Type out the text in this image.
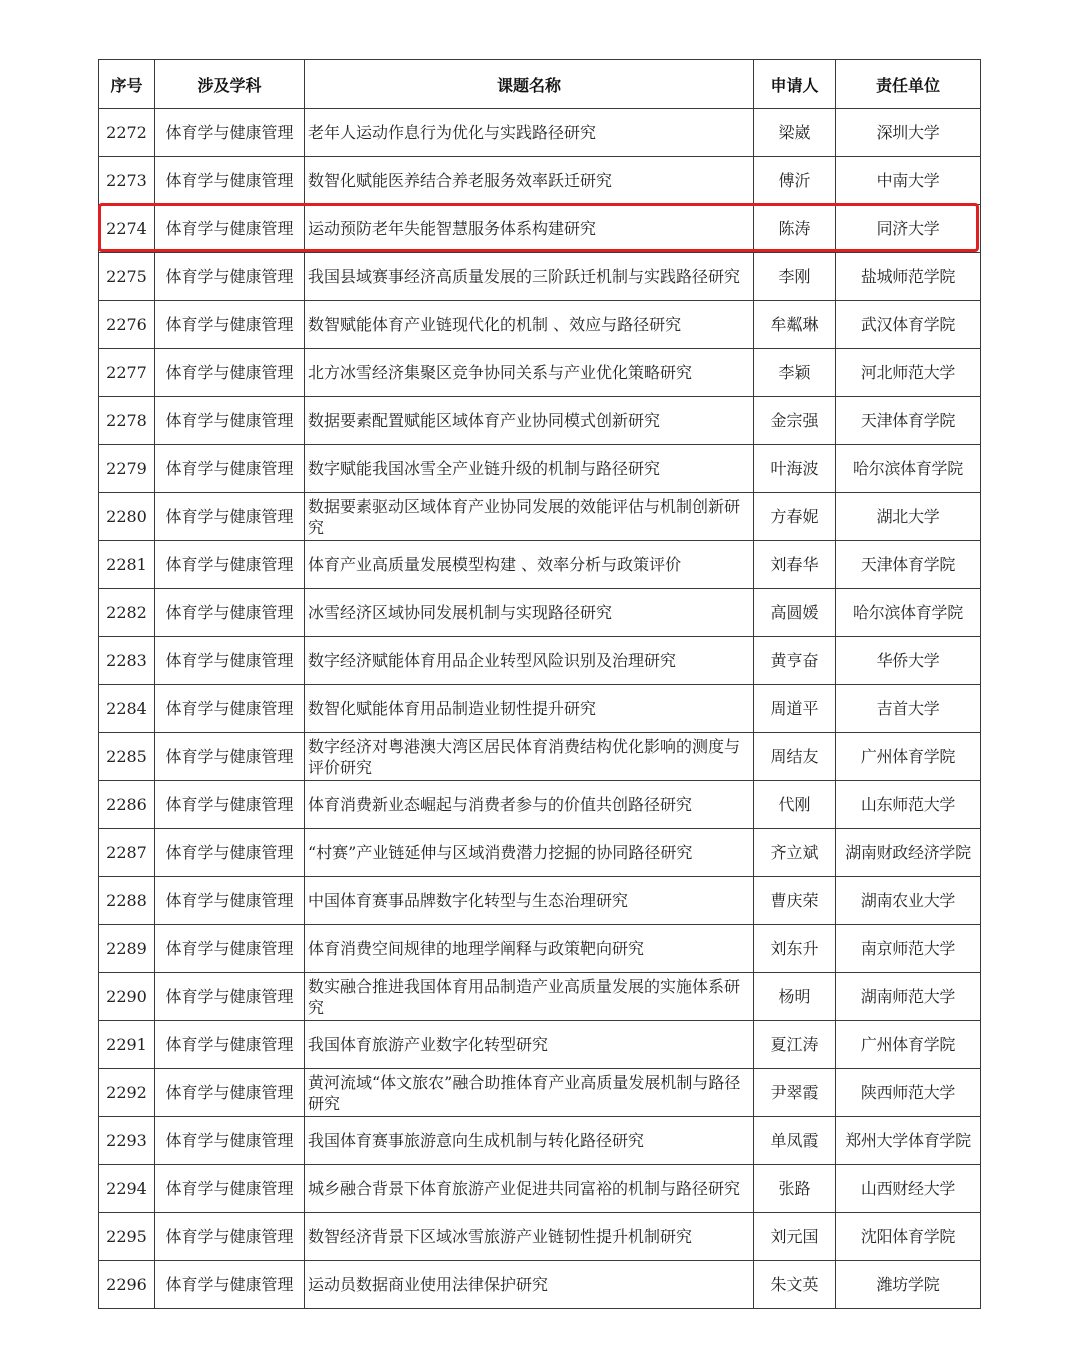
序号	涉及学科	课题名称	申请人	责任单位
2272	体育学与健康管理	老年人运动作息行为优化与实践路径研究	梁崴	深圳大学
2273	体育学与健康管理	数智化赋能医养结合养老服务效率跃迁研究	傅沂	中南大学
2274	体育学与健康管理	运动预防老年失能智慧服务体系构建研究	陈涛	同济大学
2275	体育学与健康管理	我国县域赛事经济高质量发展的三阶跃迁机制与实践路径研究	李刚	盐城师范学院
2276	体育学与健康管理	数智赋能体育产业链现代化的机制 、效应与路径研究	牟粼琳	武汉体育学院
2277	体育学与健康管理	北方冰雪经济集聚区竞争协同关系与产业优化策略研究	李颖	河北师范大学
2278	体育学与健康管理	数据要素配置赋能区域体育产业协同模式创新研究	金宗强	天津体育学院
2279	体育学与健康管理	数字赋能我国冰雪全产业链升级的机制与路径研究	叶海波	哈尔滨体育学院
2280	体育学与健康管理	数据要素驱动区域体育产业协同发展的效能评估与机制创新研究	方春妮	湖北大学
2281	体育学与健康管理	体育产业高质量发展模型构建 、效率分析与政策评价	刘春华	天津体育学院
2282	体育学与健康管理	冰雪经济区域协同发展机制与实现路径研究	高圆媛	哈尔滨体育学院
2283	体育学与健康管理	数字经济赋能体育用品企业转型风险识别及治理研究	黄亨奋	华侨大学
2284	体育学与健康管理	数智化赋能体育用品制造业韧性提升研究	周道平	吉首大学
2285	体育学与健康管理	数字经济对粤港澳大湾区居民体育消费结构优化影响的测度与评价研究	周结友	广州体育学院
2286	体育学与健康管理	体育消费新业态崛起与消费者参与的价值共创路径研究	代刚	山东师范大学
2287	体育学与健康管理	“村赛”产业链延伸与区域消费潜力挖掘的协同路径研究	齐立斌	湖南财政经济学院
2288	体育学与健康管理	中国体育赛事品牌数字化转型与生态治理研究	曹庆荣	湖南农业大学
2289	体育学与健康管理	体育消费空间规律的地理学阐释与政策靶向研究	刘东升	南京师范大学
2290	体育学与健康管理	数实融合推进我国体育用品制造产业高质量发展的实施体系研究	杨明	湖南师范大学
2291	体育学与健康管理	我国体育旅游产业数字化转型研究	夏江涛	广州体育学院
2292	体育学与健康管理	黄河流域“体文旅农”融合助推体育产业高质量发展机制与路径研究	尹翠霞	陕西师范大学
2293	体育学与健康管理	我国体育赛事旅游意向生成机制与转化路径研究	单凤霞	郑州大学体育学院
2294	体育学与健康管理	城乡融合背景下体育旅游产业促进共同富裕的机制与路径研究	张路	山西财经大学
2295	体育学与健康管理	数智经济背景下区域冰雪旅游产业链韧性提升机制研究	刘元国	沈阳体育学院
2296	体育学与健康管理	运动员数据商业使用法律保护研究	朱文英	潍坊学院
